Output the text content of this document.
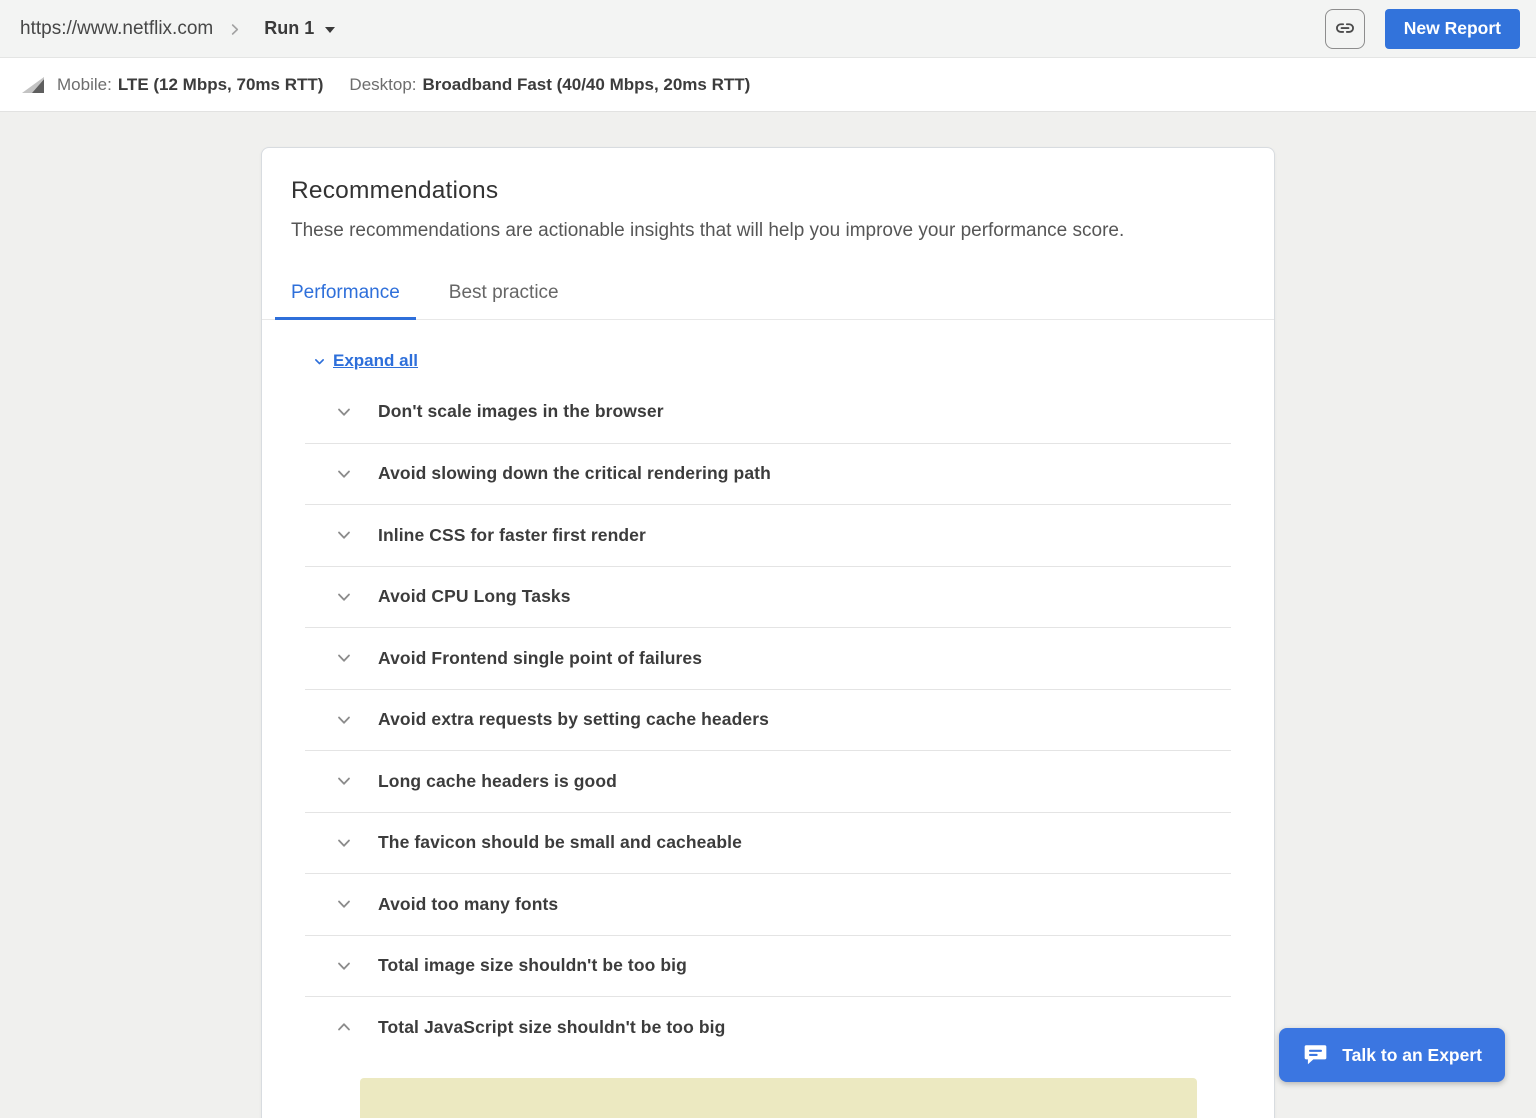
https://www.netflix.com	Run 1	New Report
Mobile: LTE (12 Mbps, 70ms RTT) Desktop: Broadband Fast (40/40 Mbps, 20ms RTT)
Recommendations
These recommendations are actionable insights that will help you improve your performance score.
Performance	Best practice
Expand all
Don't scale images in the browser
Avoid slowing down the critical rendering path
Inline CSS for faster first render
Avoid CPU Long Tasks
Avoid Frontend single point of failures
Avoid extra requests by setting cache headers
Long cache headers is good
The favicon should be small and cacheable
Avoid too many fonts
Total image size shouldn't be too big
Total JavaScript size shouldn't be too big
Talk to an Expert
